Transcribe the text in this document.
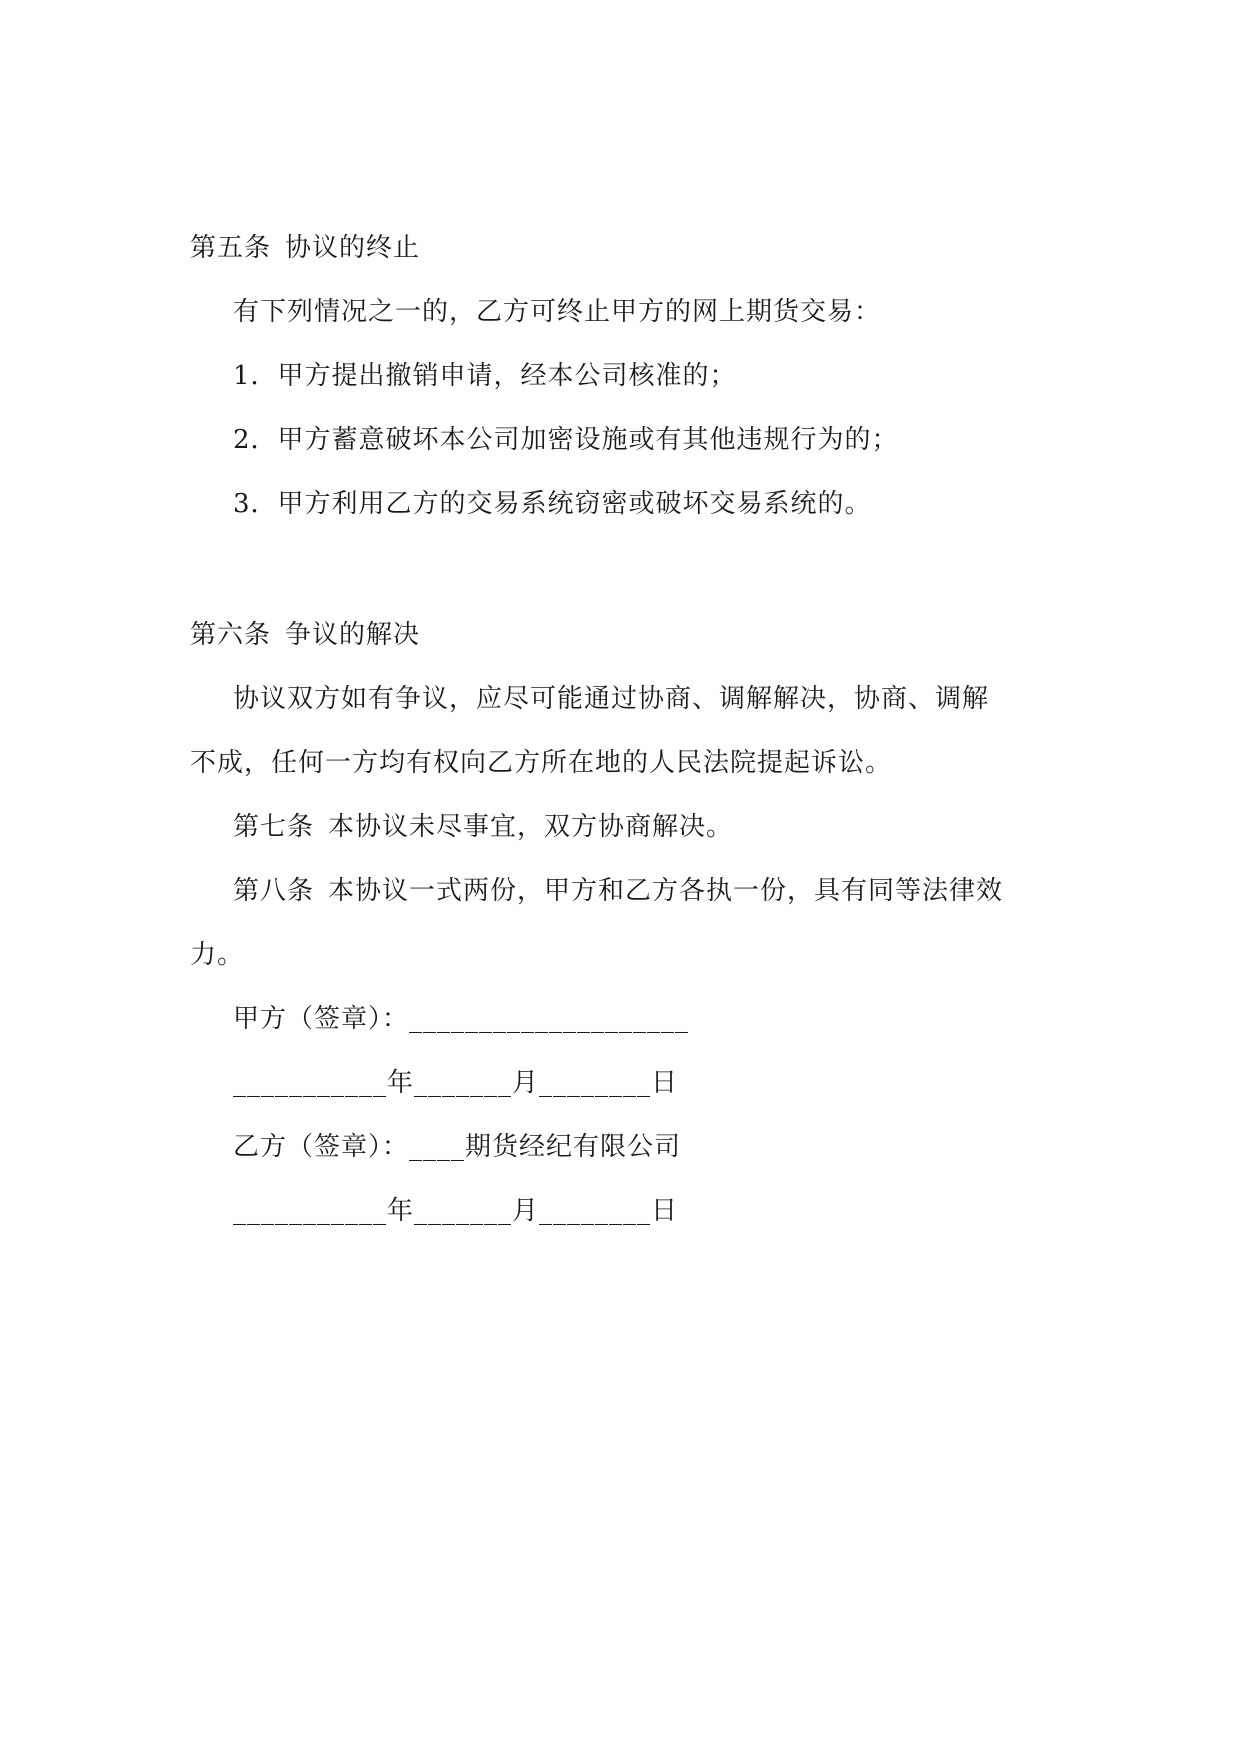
第五条 协议的终止
有下列情况之一的，乙方可终止甲方的网上期货交易：
1．甲方提出撤销申请，经本公司核准的；
2．甲方蓄意破坏本公司加密设施或有其他违规行为的；
3．甲方利用乙方的交易系统窃密或破坏交易系统的。
第六条 争议的解决
协议双方如有争议，应尽可能通过协商、调解解决，协商、调解
不成，任何一方均有权向乙方所在地的人民法院提起诉讼。
第七条 本协议未尽事宜，双方协商解决。
第八条 本协议一式两份，甲方和乙方各执一份，具有同等法律效
力。
甲方（签章）：____________________
___________年_______月________日
乙方（签章）：____期货经纪有限公司
___________年_______月________日
